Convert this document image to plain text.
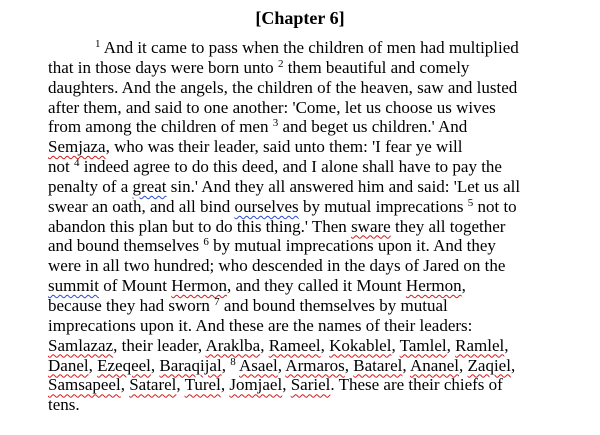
[Chapter 6]
$^1$ And it came to pass when the children of men had multiplied
that in those days were born unto $^2$ them beautiful and comely
daughters. And the angels, the children of the heaven, saw and lusted
after them, and said to one another: 'Come, let us choose us wives
from among the children of men $^3$ and beget us children.' And
Semjaza, who was their leader, said unto them: 'I fear ye will
not $^4$ indeed agree to do this deed, and I alone shall have to pay the
penalty of a great sin.' And they all answered him and said: 'Let us all
swear an oath, and all bind ourselves by mutual imprecations $^5$ not to
abandon this plan but to do this thing.' Then sware they all together
and bound themselves $^6$ by mutual imprecations upon it. And they
were in all two hundred; who descended in the days of Jared on the
summit of Mount Hermon, and they called it Mount Hermon,
because they had sworn $^7$ and bound themselves by mutual
imprecations upon it. And these are the names of their leaders:
Samlazaz, their leader, Araklba, Rameel, Kokablel, Tamlel, Ramlel,
Danel, Ezeqeel, Baraqijal, $^8$ Asael, Armaros, Batarel, Ananel, Zaqiel,
Samsapeel, Satarel, Turel, Jomjael, Sariel. These are their chiefs of
tens.
